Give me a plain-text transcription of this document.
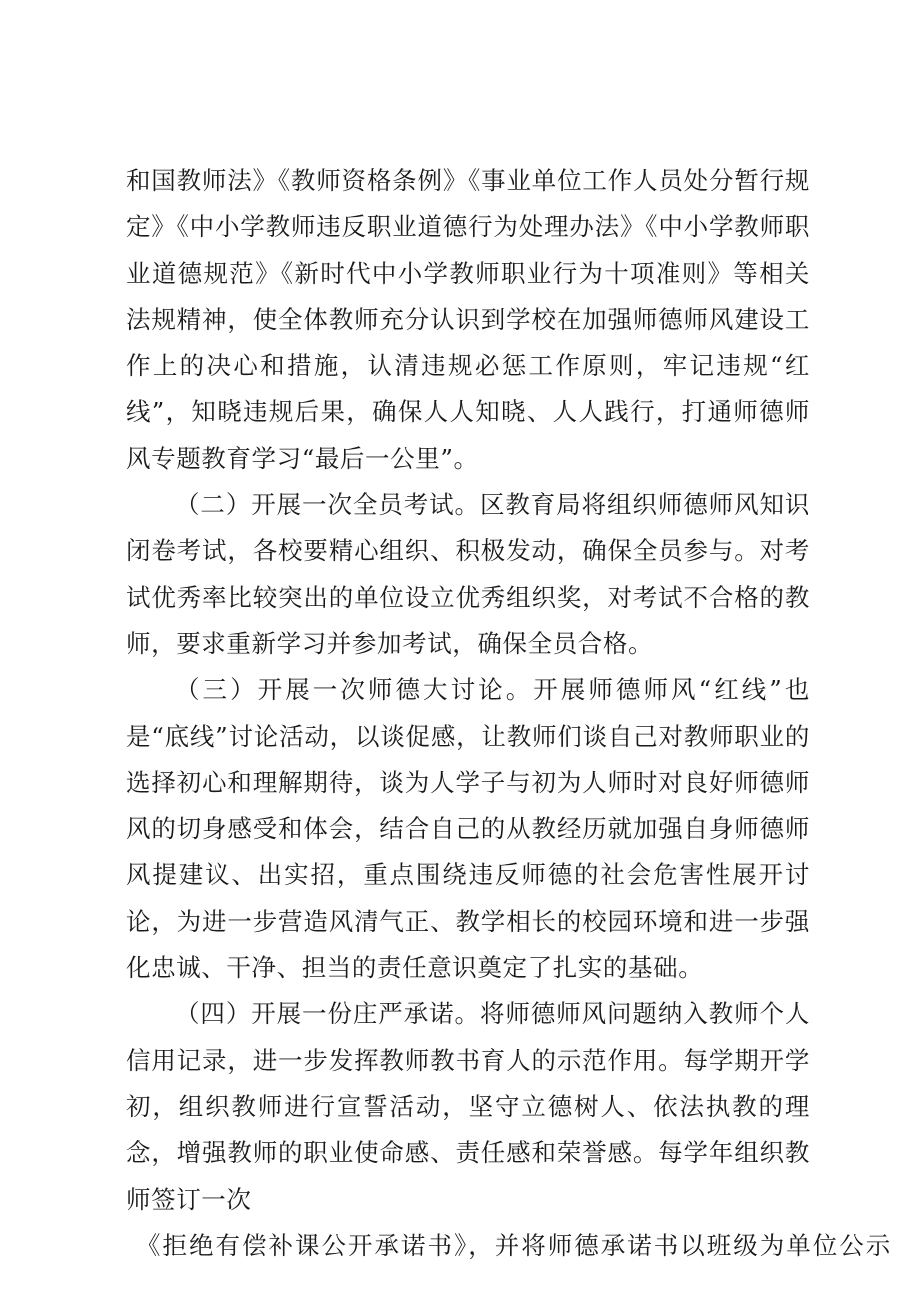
和国教师法》《教师资格条例》《事业单位工作人员处分暂行规定》《中小学教师违反职业道德行为处理办法》《中小学教师职业道德规范》《新时代中小学教师职业行为十项准则》等相关法规精神，使全体教师充分认识到学校在加强师德师风建设工作上的决心和措施，认清违规必惩工作原则，牢记违规“红线”，知晓违规后果，确保人人知晓、人人践行，打通师德师风专题教育学习“最后一公里”。

（二）开展一次全员考试。区教育局将组织师德师风知识闭卷考试，各校要精心组织、积极发动，确保全员参与。对考试优秀率比较突出的单位设立优秀组织奖，对考试不合格的教师，要求重新学习并参加考试，确保全员合格。

（三）开展一次师德大讨论。开展师德师风“红线”也是“底线”讨论活动，以谈促感，让教师们谈自己对教师职业的选择初心和理解期待，谈为人学子与初为人师时对良好师德师风的切身感受和体会，结合自己的从教经历就加强自身师德师风提建议、出实招，重点围绕违反师德的社会危害性展开讨论，为进一步营造风清气正、教学相长的校园环境和进一步强化忠诚、干净、担当的责任意识奠定了扎实的基础。

（四）开展一份庄严承诺。将师德师风问题纳入教师个人信用记录，进一步发挥教师教书育人的示范作用。每学期开学初，组织教师进行宣誓活动，坚守立德树人、依法执教的理念，增强教师的职业使命感、责任感和荣誉感。每学年组织教师签订一次

《拒绝有偿补课公开承诺书》，并将师德承诺书以班级为单位公示
